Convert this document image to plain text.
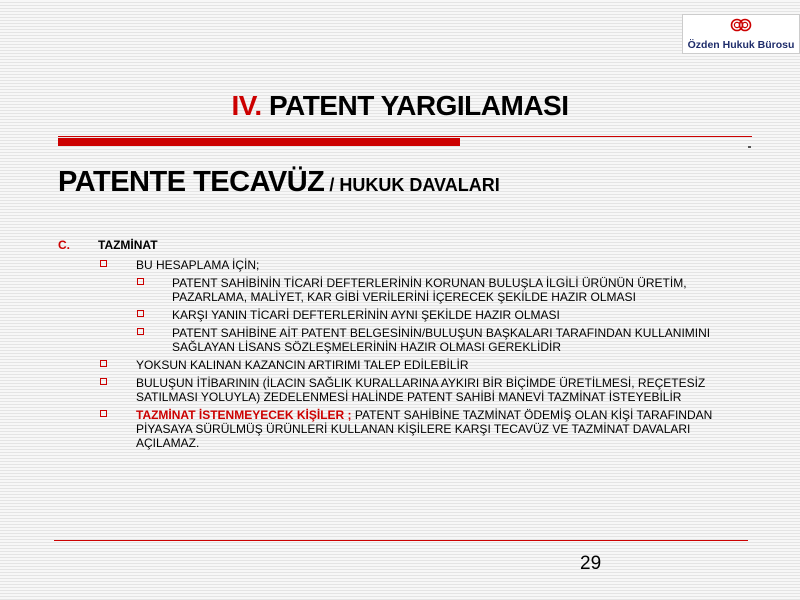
Özden Hukuk Bürosu
IV. PATENT YARGILAMASI
PATENTE TECAVÜZ / HUKUK DAVALARI
C. TAZMİNAT
BU HESAPLAMA İÇİN;
PATENT SAHİBİNİN TİCARİ DEFTERLERİNİN KORUNAN BULUŞLA İLGİLİ ÜRÜNÜN ÜRETİM, PAZARLAMA, MALİYET, KAR GİBİ VERİLERİNİ İÇERECEK ŞEKİLDE HAZIR OLMASI
KARŞI YANIN TİCARİ DEFTERLERİNİN AYNI ŞEKİLDE HAZIR OLMASI
PATENT SAHİBİNE AİT PATENT BELGESİNİN/BULUŞUN BAŞKALARI TARAFINDAN KULLANIMINI SAĞLAYAN LİSANS SÖZLEŞMELERİNİN HAZIR OLMASI GEREKLİDİR
YOKSUN KALINAN KAZANCIN ARTIRIMI TALEP EDİLEBİLİR
BULUŞUN İTİBARININ (İLACIN SAĞLIK KURALLARINA AYKIRI BİR BİÇİMDE ÜRETİLMESİ, REÇETESİZ SATILMASI YOLUYLA) ZEDELENMESİ HALİNDE PATENT SAHİBİ MANEVİ TAZMİNAT İSTEYEBİLİR
TAZMİNAT İSTENMEYECEK KİŞİLER ; PATENT SAHİBİNE TAZMİNAT ÖDEMİŞ OLAN KİŞİ TARAFINDAN PİYASAYA SÜRÜLMÜŞ ÜRÜNLERİ KULLANAN KİŞİLERE KARŞI TECAVÜZ VE TAZMİNAT DAVALARI AÇILAMAZ.
29
